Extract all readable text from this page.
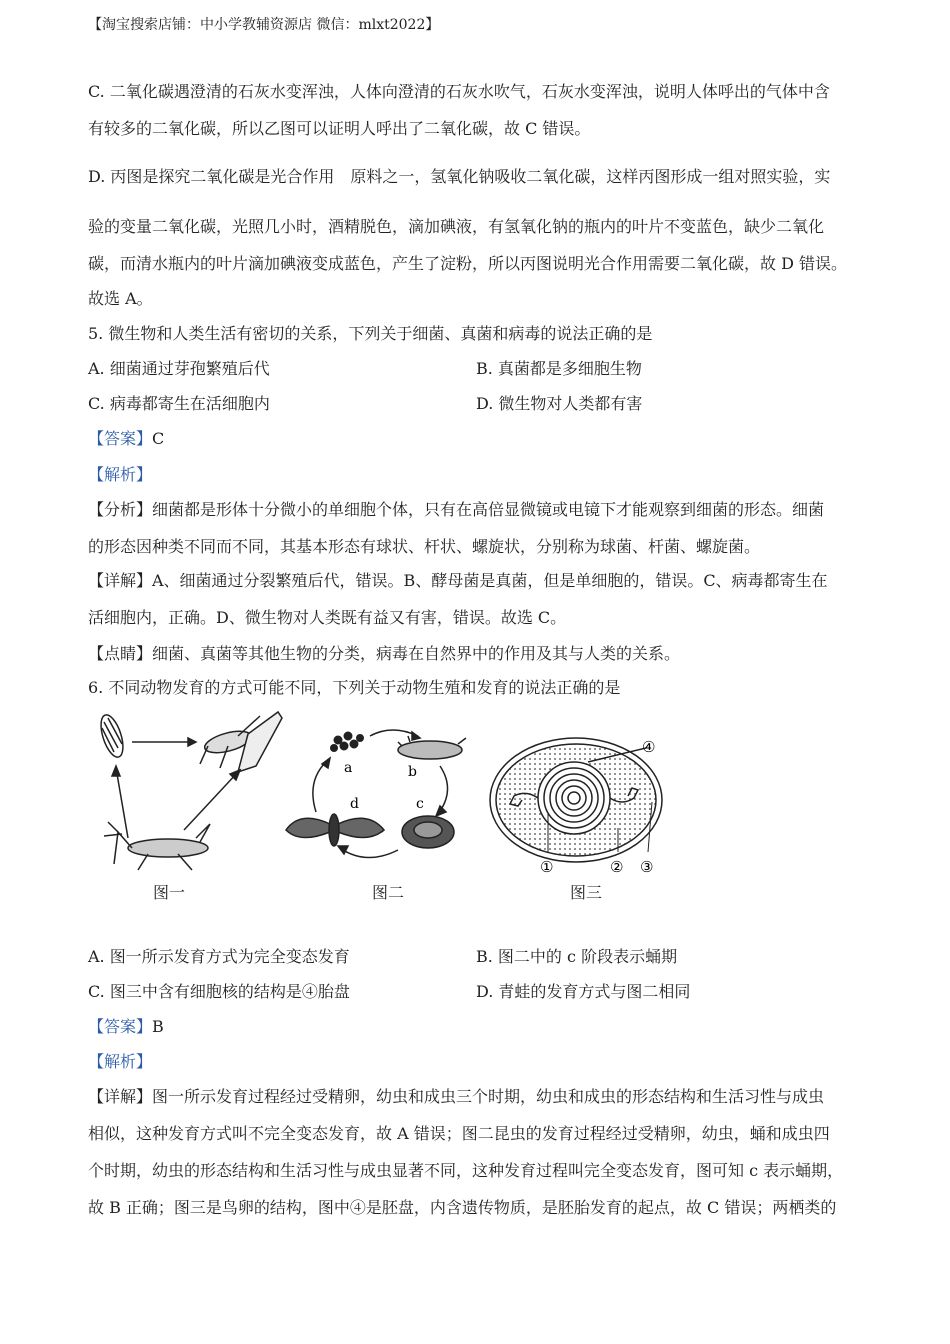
【淘宝搜索店铺：中小学教辅资源店 微信：mlxt2022】
C. 二氧化碳遇澄清的石灰水变浑浊，人体向澄清的石灰水吹气，石灰水变浑浊，说明人体呼出的气体中含
有较多的二氧化碳，所以乙图可以证明人呼出了二氧化碳，故 C 错误。
D. 丙图是探究二氧化碳是光合作用　原料之一，氢氧化钠吸收二氧化碳，这样丙图形成一组对照实验，实
验的变量二氧化碳，光照几小时，酒精脱色，滴加碘液，有氢氧化钠的瓶内的叶片不变蓝色，缺少二氧化
碳，而清水瓶内的叶片滴加碘液变成蓝色，产生了淀粉，所以丙图说明光合作用需要二氧化碳，故 D 错误。
故选 A。
5. 微生物和人类生活有密切的关系，下列关于细菌、真菌和病毒的说法正确的是
A. 细菌通过芽孢繁殖后代	B. 真菌都是多细胞生物
C. 病毒都寄生在活细胞内	D. 微生物对人类都有害
【答案】C
【解析】
【分析】细菌都是形体十分微小的单细胞个体，只有在高倍显微镜或电镜下才能观察到细菌的形态。细菌
的形态因种类不同而不同，其基本形态有球状、杆状、螺旋状，分别称为球菌、杆菌、螺旋菌。
【详解】A、细菌通过分裂繁殖后代，错误。B、酵母菌是真菌，但是单细胞的，错误。C、病毒都寄生在
活细胞内，正确。D、微生物对人类既有益又有害，错误。故选 C。
【点睛】细菌、真菌等其他生物的分类，病毒在自然界中的作用及其与人类的关系。
6. 不同动物发育的方式可能不同，下列关于动物生殖和发育的说法正确的是
图一
a	b
c
d
图二
④
①	② ③
图三
A. 图一所示发育方式为完全变态发育	B. 图二中的 c 阶段表示蛹期
C. 图三中含有细胞核的结构是④胎盘	D. 青蛙的发育方式与图二相同
【答案】B
【解析】
【详解】图一所示发育过程经过受精卵，幼虫和成虫三个时期，幼虫和成虫的形态结构和生活习性与成虫
相似，这种发育方式叫不完全变态发育，故 A 错误；图二昆虫的发育过程经过受精卵，幼虫，蛹和成虫四
个时期，幼虫的形态结构和生活习性与成虫显著不同，这种发育过程叫完全变态发育，图可知 c 表示蛹期，
故 B 正确；图三是鸟卵的结构，图中④是胚盘，内含遗传物质，是胚胎发育的起点，故 C 错误；两栖类的
